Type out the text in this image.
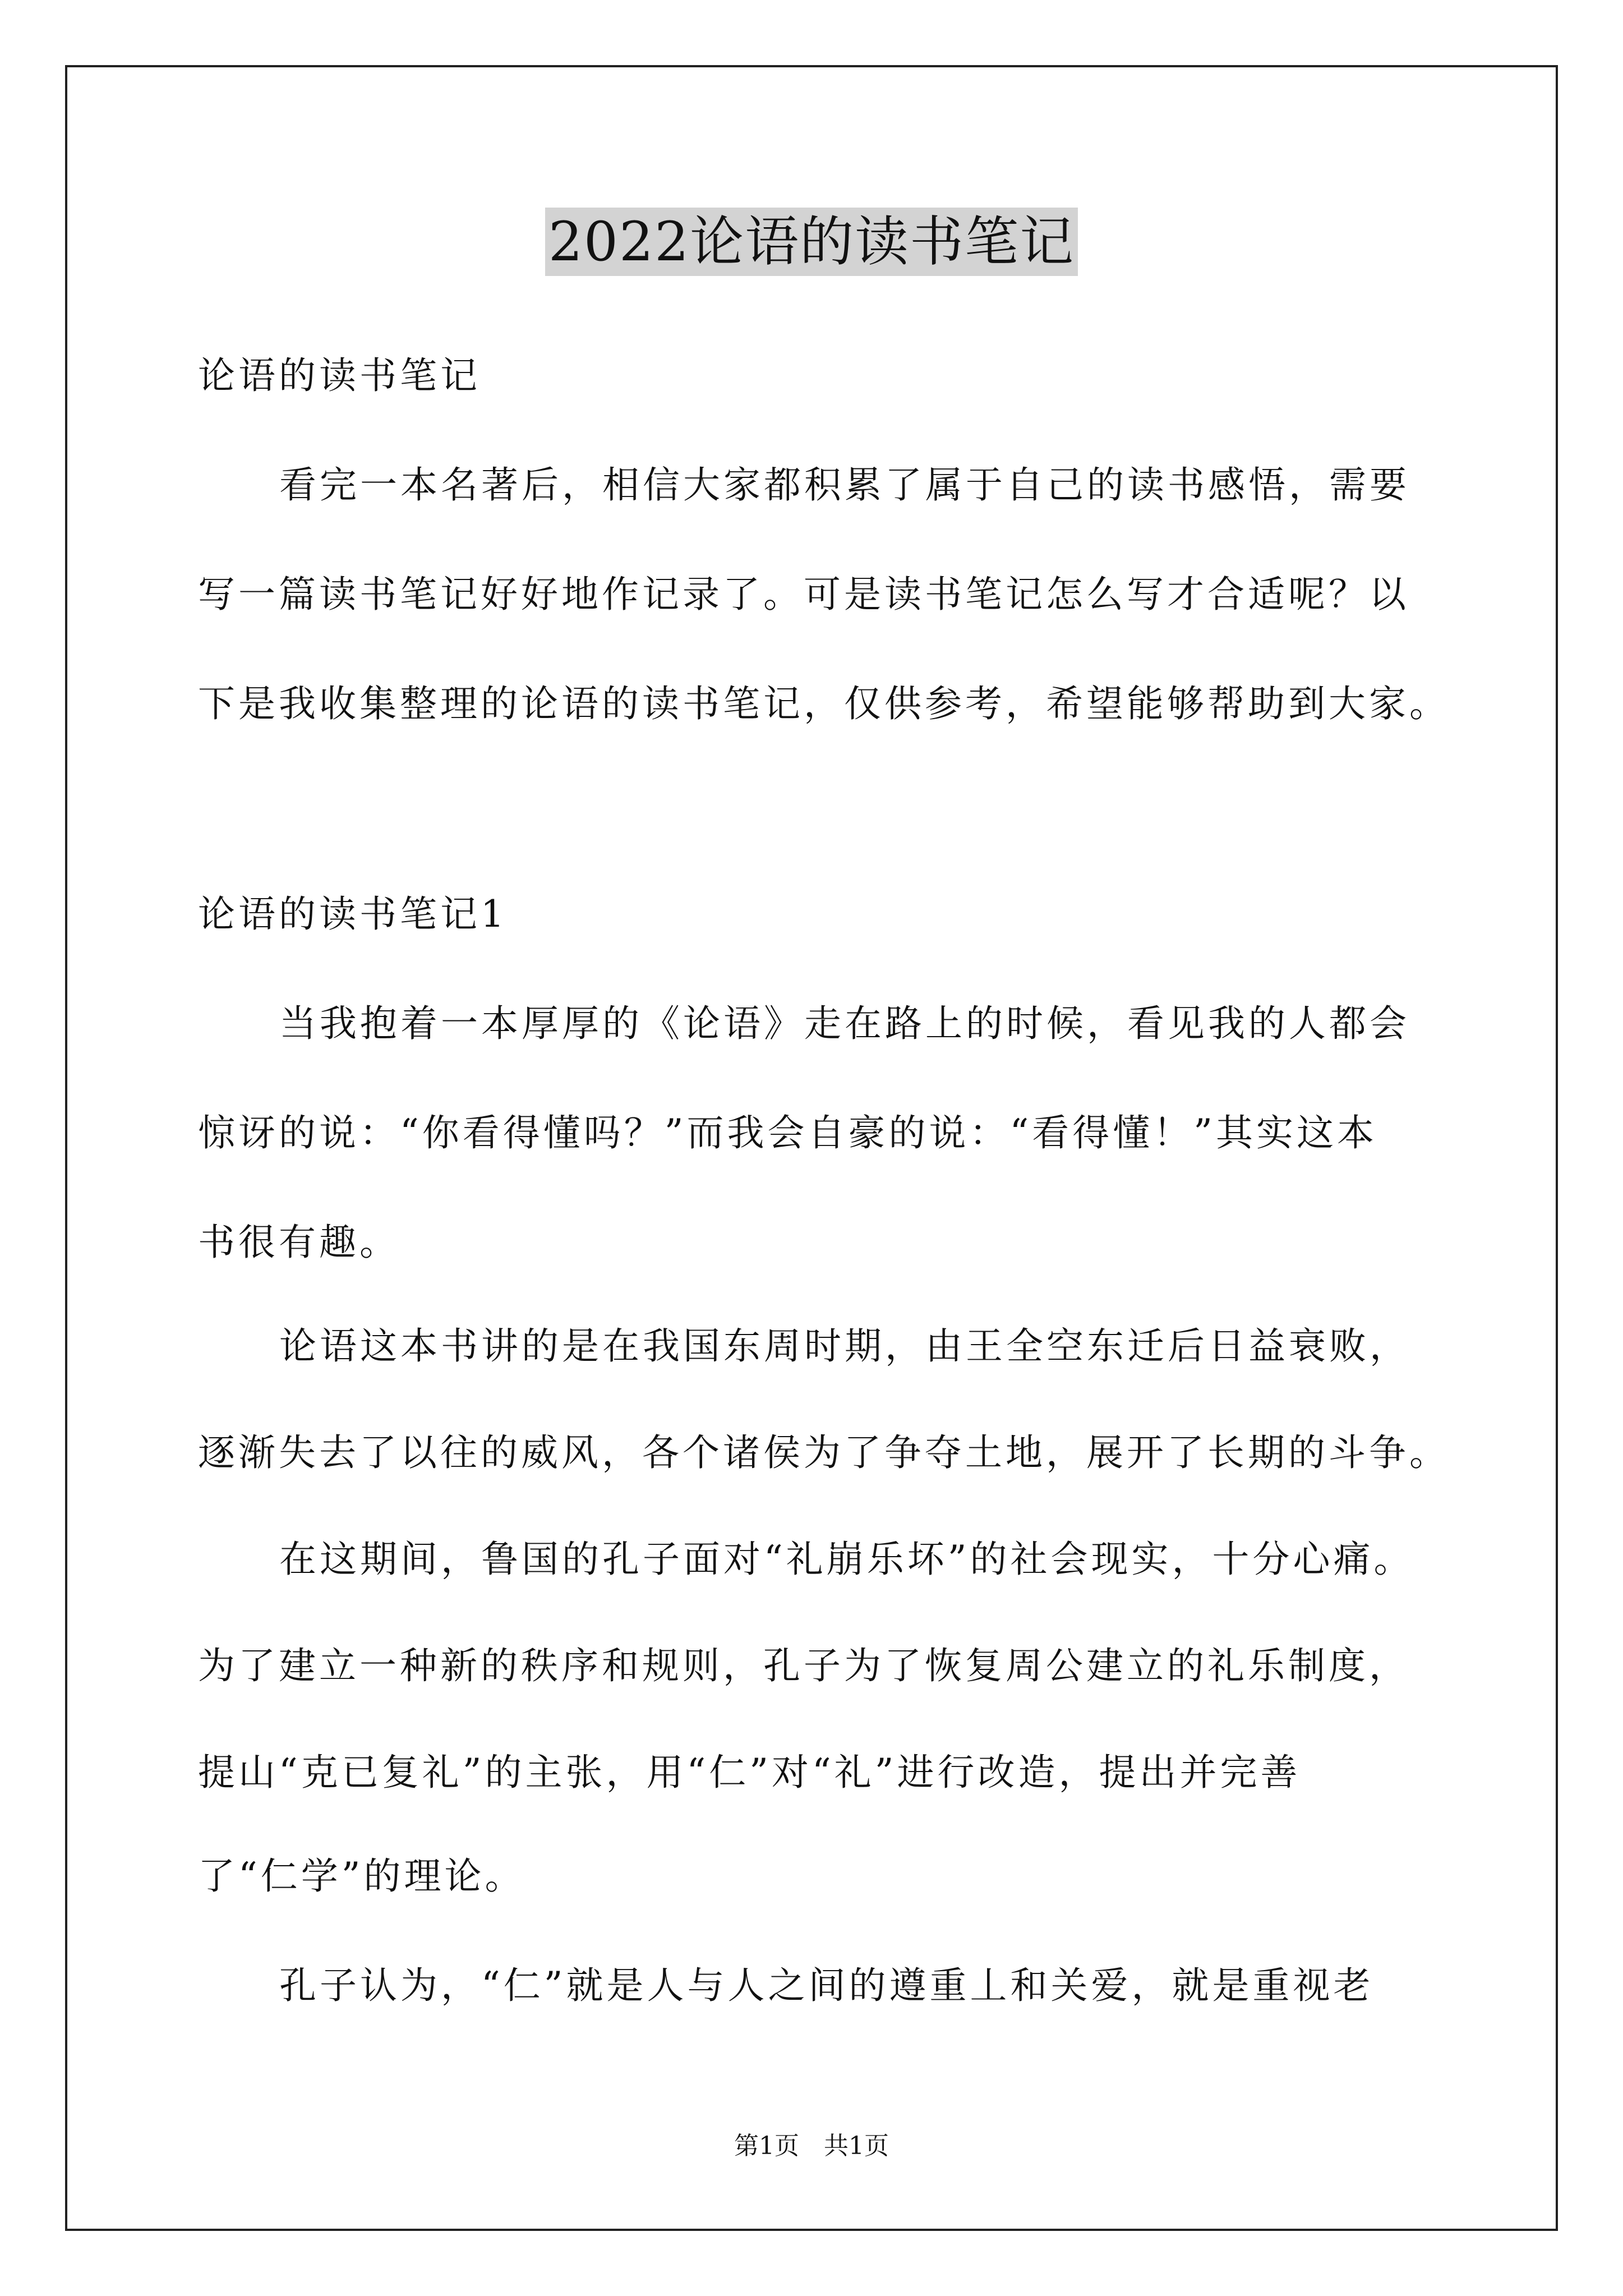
2022论语的读书笔记
论语的读书笔记
看完一本名著后，相信大家都积累了属于自己的读书感悟，需要
写一篇读书笔记好好地作记录了。可是读书笔记怎么写才合适呢？以
下是我收集整理的论语的读书笔记，仅供参考，希望能够帮助到大家。
论语的读书笔记1
当我抱着一本厚厚的《论语》走在路上的时候，看见我的人都会
惊讶的说：“你看得懂吗？”而我会自豪的说：“看得懂！”其实这本
书很有趣。
论语这本书讲的是在我国东周时期，由王全空东迁后日益衰败，
逐渐失去了以往的威风，各个诸侯为了争夺土地，展开了长期的斗争。
在这期间，鲁国的孔子面对“礼崩乐坏”的社会现实，十分心痛。
为了建立一种新的秩序和规则，孔子为了恢复周公建立的礼乐制度，
提山“克已复礼”的主张，用“仁”对“礼”进行改造，提出并完善
了“仁学”的理论。
孔子认为，“仁”就是人与人之间的遵重丄和关爱，就是重视老
第1页　共1页
